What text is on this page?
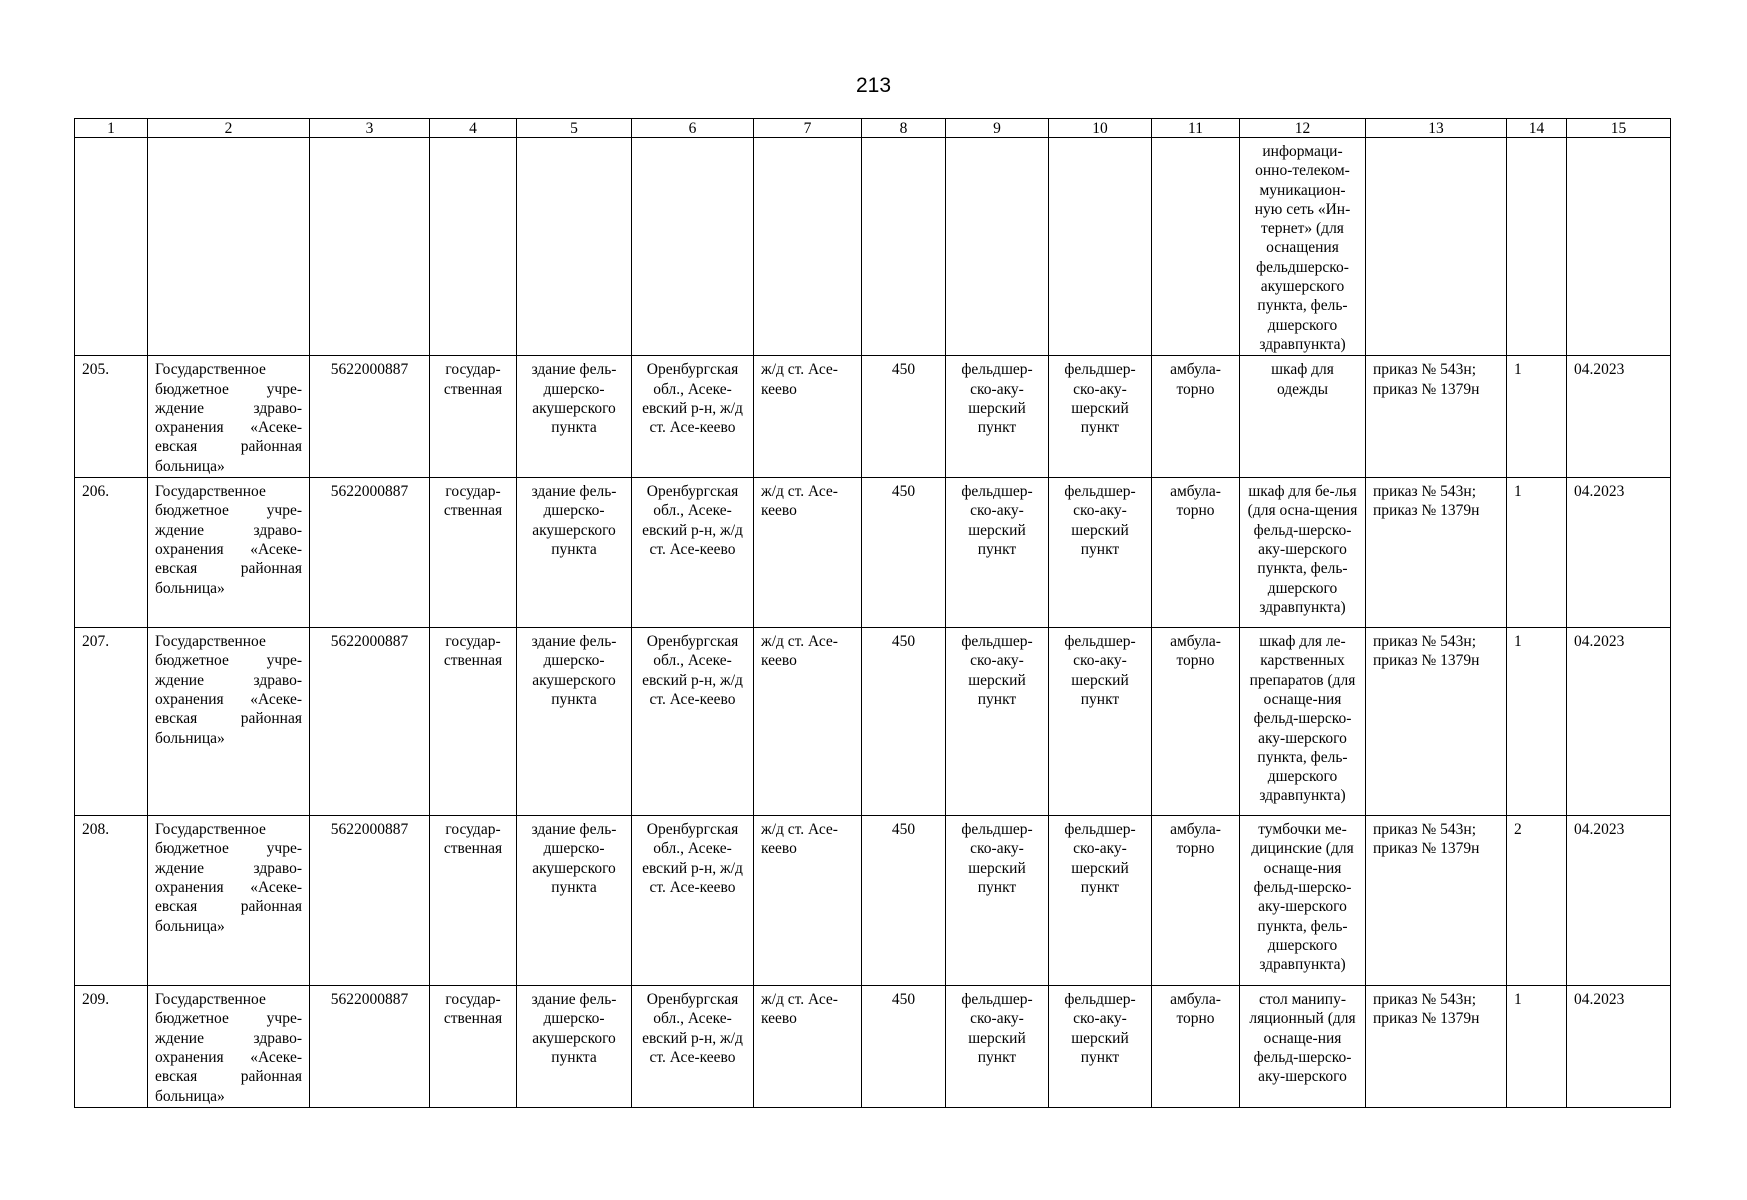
213
1	2	3	4	5	6	7	8	9	10	11	12	13	14	15
											информаци-онно-телеком-муникацион-ную сеть «Ин-тернет» (для оснащения фельдшерско-акушерского пункта, фель-дшерского здравпункта)			
205.	Государственное бюджетное учре-ждение здраво-охранения «Асеке-евская районная больница»	5622000887	государ-ственная	здание фель-дшерско-акушерского пункта	Оренбургская обл., Асеке-евский р-н, ж/д ст. Асе-кеево	ж/д ст. Асе-кеево	450	фельдшер-ско-аку-шерский пункт	фельдшер-ско-аку-шерский пункт	амбула-торно	шкаф для одежды	приказ № 543н; приказ № 1379н	1	04.2023
206.	Государственное бюджетное учре-ждение здраво-охранения «Асеке-евская районная больница»	5622000887	государ-ственная	здание фель-дшерско-акушерского пункта	Оренбургская обл., Асеке-евский р-н, ж/д ст. Асе-кеево	ж/д ст. Асе-кеево	450	фельдшер-ско-аку-шерский пункт	фельдшер-ско-аку-шерский пункт	амбула-торно	шкаф для бе-лья (для осна-щения фельд-шерско-аку-шерского пункта, фель-дшерского здравпункта)	приказ № 543н; приказ № 1379н	1	04.2023
207.	Государственное бюджетное учре-ждение здраво-охранения «Асеке-евская районная больница»	5622000887	государ-ственная	здание фель-дшерско-акушерского пункта	Оренбургская обл., Асеке-евский р-н, ж/д ст. Асе-кеево	ж/д ст. Асе-кеево	450	фельдшер-ско-аку-шерский пункт	фельдшер-ско-аку-шерский пункт	амбула-торно	шкаф для ле-карственных препаратов (для оснаще-ния фельд-шерско-аку-шерского пункта, фель-дшерского здравпункта)	приказ № 543н; приказ № 1379н	1	04.2023
208.	Государственное бюджетное учре-ждение здраво-охранения «Асеке-евская районная больница»	5622000887	государ-ственная	здание фель-дшерско-акушерского пункта	Оренбургская обл., Асеке-евский р-н, ж/д ст. Асе-кеево	ж/д ст. Асе-кеево	450	фельдшер-ско-аку-шерский пункт	фельдшер-ско-аку-шерский пункт	амбула-торно	тумбочки ме-дицинские (для оснаще-ния фельд-шерско-аку-шерского пункта, фель-дшерского здравпункта)	приказ № 543н; приказ № 1379н	2	04.2023
209.	Государственное бюджетное учре-ждение здраво-охранения «Асеке-евская районная больница»	5622000887	государ-ственная	здание фель-дшерско-акушерского пункта	Оренбургская обл., Асеке-евский р-н, ж/д ст. Асе-кеево	ж/д ст. Асе-кеево	450	фельдшер-ско-аку-шерский пункт	фельдшер-ско-аку-шерский пункт	амбула-торно	стол манипу-ляционный (для оснаще-ния фельд-шерско-аку-шерского	приказ № 543н; приказ № 1379н	1	04.2023
